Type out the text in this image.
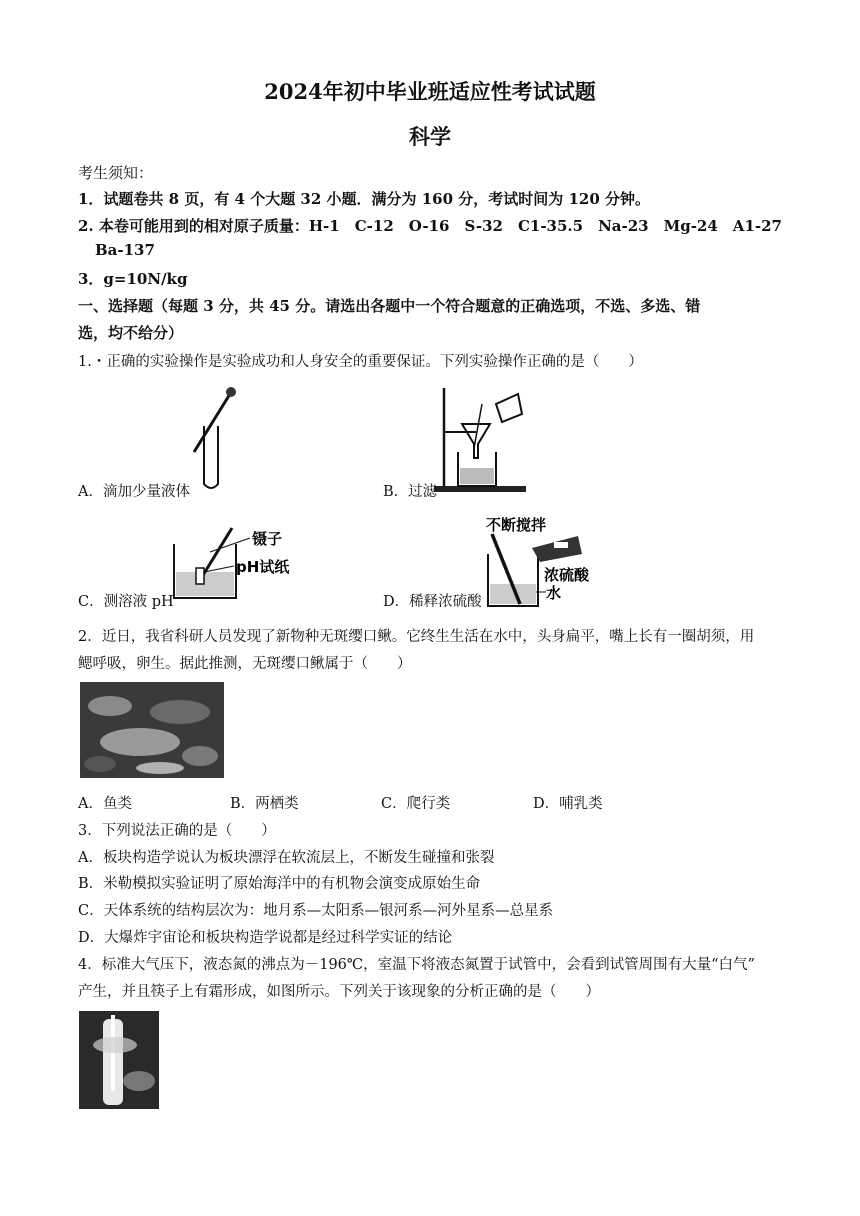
2024年初中毕业班适应性考试试题
科学
考生须知：
1．试题卷共 8 页，有 4 个大题 32 小题．满分为 160 分，考试时间为 120 分钟。
2. 本卷可能用到的相对原子质量：H-1　C-12　O-16　S-32　C1-35.5　Na-23　Mg-24　A1-27
Ba-137
3．g=10N/kg
一、选择题（每题 3 分，共 45 分。请选出各题中一个符合题意的正确选项，不选、多选、错
选，均不给分）
1.・正确的实验操作是实验成功和人身安全的重要保证。下列实验操作正确的是（　　）
A．滴加少量液体	B．过滤
镊子
pH试纸
C．测溶液 pH
不断搅拌
浓硫酸
水
D．稀释浓硫酸
2．近日，我省科研人员发现了新物种无斑缨口鳅。它终生生活在水中，头身扁平，嘴上长有一圈胡须，用
鳃呼吸，卵生。据此推测，无斑缨口鳅属于（　　）
A．鱼类	B．两栖类	C．爬行类	D．哺乳类
3．下列说法正确的是（　　）
A．板块构造学说认为板块漂浮在软流层上，不断发生碰撞和张裂
B．米勒模拟实验证明了原始海洋中的有机物会演变成原始生命
C．天体系统的结构层次为：地月系—太阳系—银河系—河外星系—总星系
D．大爆炸宇宙论和板块构造学说都是经过科学实证的结论
4．标准大气压下，液态氮的沸点为－196℃，室温下将液态氮置于试管中，会看到试管周围有大量“白气”
产生，并且筷子上有霜形成，如图所示。下列关于该现象的分析正确的是（　　）
